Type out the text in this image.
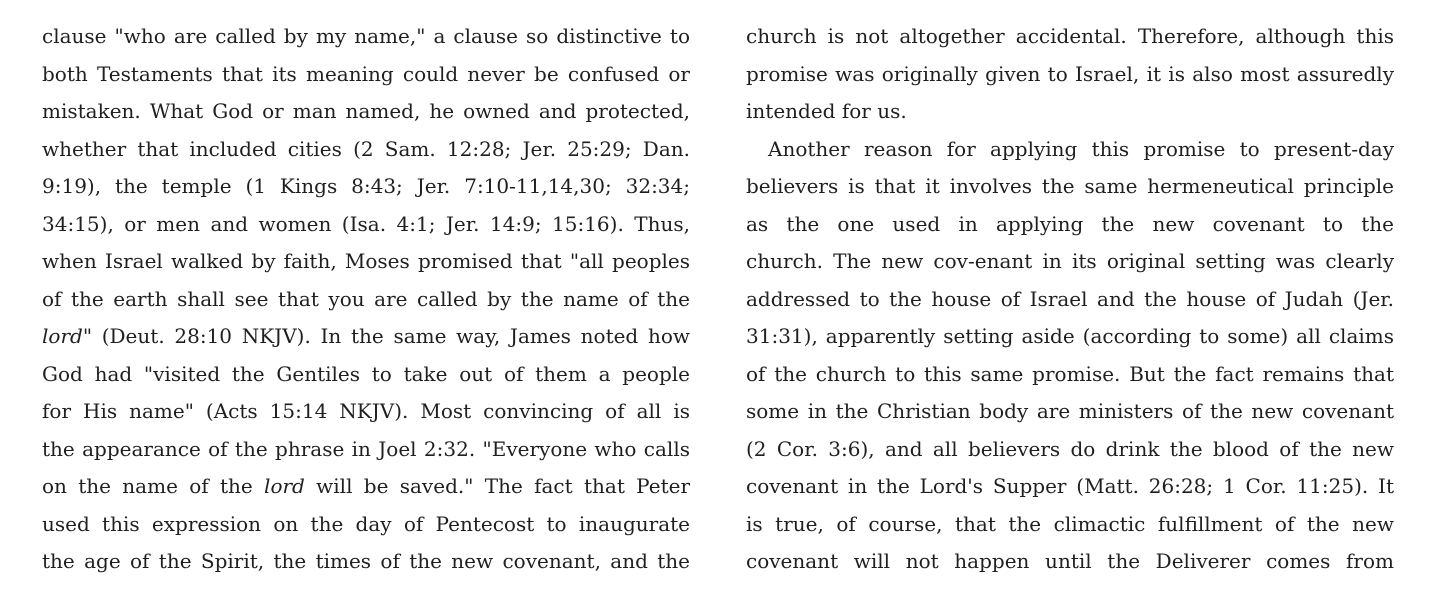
clause "who are called by my name," a clause so distinctive to
both Testaments that its meaning could never be confused or
mistaken. What God or man named, he owned and protected,
whether that included cities (2 Sam. 12:28; Jer. 25:29; Dan.
9:19), the temple (1 Kings 8:43; Jer. 7:10-11,14,30; 32:34;
34:15), or men and women (Isa. 4:1; Jer. 14:9; 15:16). Thus,
when Israel walked by faith, Moses promised that "all peoples
of the earth shall see that you are called by the name of the
lord" (Deut. 28:10 NKJV). In the same way, James noted how
God had "visited the Gentiles to take out of them a people
for His name" (Acts 15:14 NKJV). Most convincing of all is
the appearance of the phrase in Joel 2:32. "Everyone who calls
on the name of the lord will be saved." The fact that Peter
used this expression on the day of Pentecost to inaugurate
the age of the Spirit, the times of the new covenant, and the
church is not altogether accidental. Therefore, although this
promise was originally given to Israel, it is also most assuredly
intended for us.
Another reason for applying this promise to present-day
believers is that it involves the same hermeneutical principle
as the one used in applying the new covenant to the
church. The new cov-enant in its original setting was clearly
addressed to the house of Israel and the house of Judah (Jer.
31:31), apparently setting aside (according to some) all claims
of the church to this same promise. But the fact remains that
some in the Christian body are ministers of the new covenant
(2 Cor. 3:6), and all believers do drink the blood of the new
covenant in the Lord's Supper (Matt. 26:28; 1 Cor. 11:25). It
is true, of course, that the climactic fulfillment of the new
covenant will not happen until the Deliverer comes from
